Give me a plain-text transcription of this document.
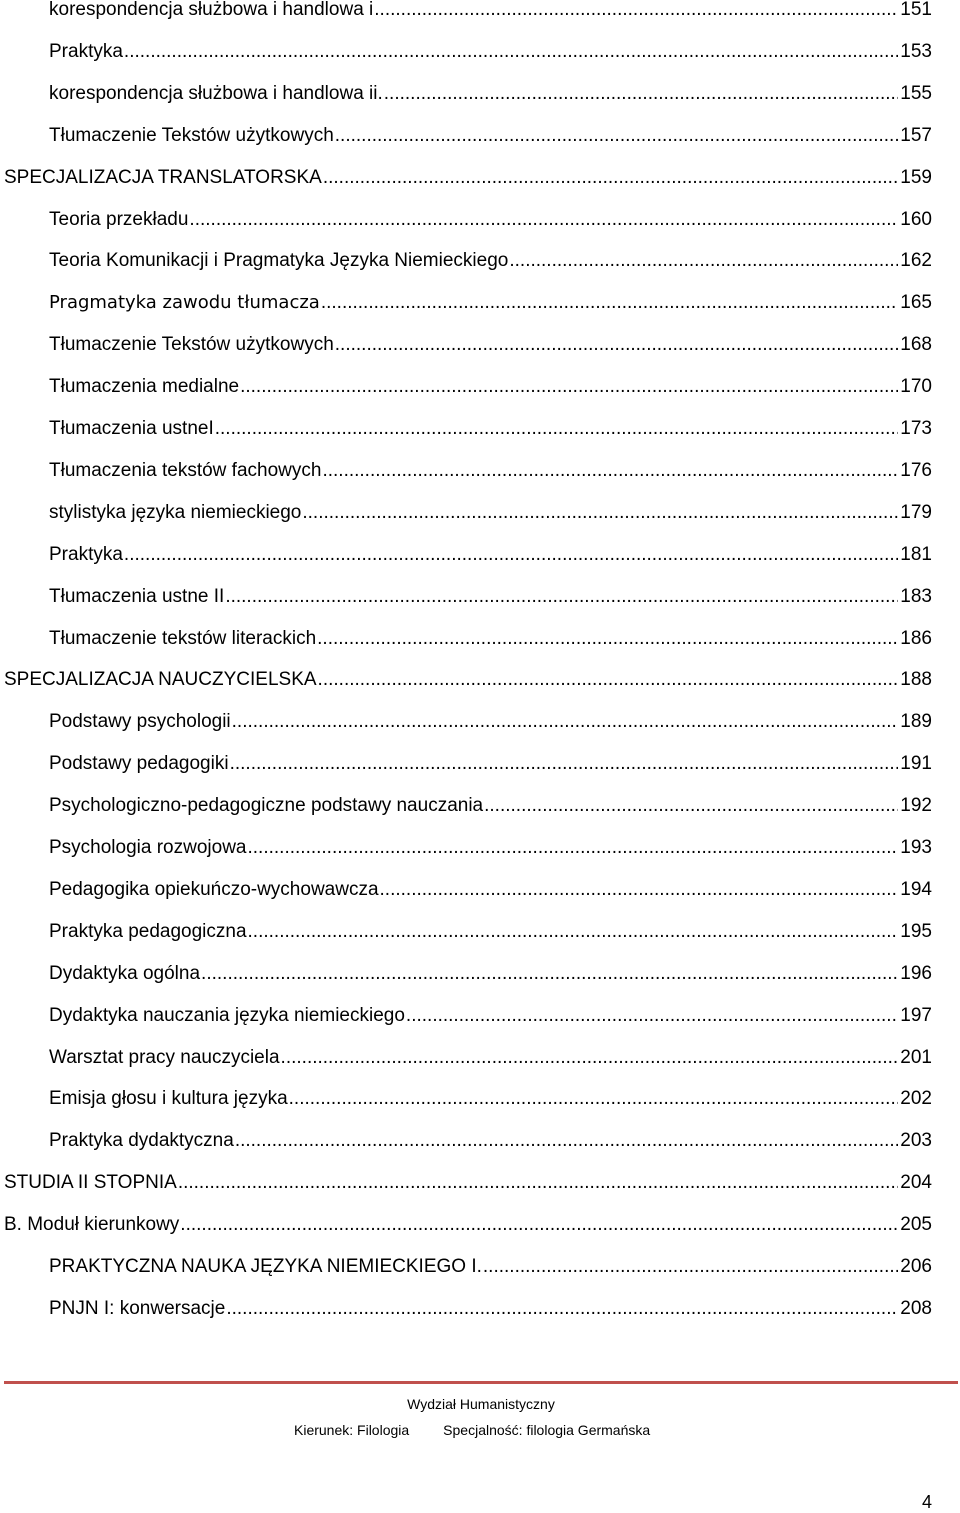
korespondencja służbowa i handlowa i .....	151
Praktyka .....	153
korespondencja służbowa i handlowa ii. .....	155
Tłumaczenie Tekstów użytkowych .....	157
SPECJALIZACJA TRANSLATORSKA .....	159
Teoria przekładu .....	160
Teoria Komunikacji i Pragmatyka Języka Niemieckiego .....	162
Pragmatyka zawodu tłumacza .....	165
Tłumaczenie Tekstów użytkowych .....	168
Tłumaczenia medialne .....	170
Tłumaczenia ustneI .....	173
Tłumaczenia tekstów fachowych .....	176
stylistyka języka niemieckiego .....	179
Praktyka .....	181
Tłumaczenia ustne II .....	183
Tłumaczenie tekstów literackich .....	186
SPECJALIZACJA NAUCZYCIELSKA .....	188
Podstawy psychologii .....	189
Podstawy pedagogiki .....	191
Psychologiczno-pedagogiczne podstawy nauczania .....	192
Psychologia rozwojowa .....	193
Pedagogika opiekuńczo-wychowawcza .....	194
Praktyka pedagogiczna .....	195
Dydaktyka ogólna .....	196
Dydaktyka nauczania języka niemieckiego .....	197
Warsztat pracy nauczyciela .....	201
Emisja głosu i kultura języka .....	202
Praktyka dydaktyczna .....	203
STUDIA II STOPNIA .....	204
B. Moduł kierunkowy .....	205
PRAKTYCZNA NAUKA JĘZYKA NIEMIECKIEGO I. .....	206
PNJN I: konwersacje .....	208
Wydział Humanistyczny
Kierunek: Filologia Specjalność: filologia Germańska
4
